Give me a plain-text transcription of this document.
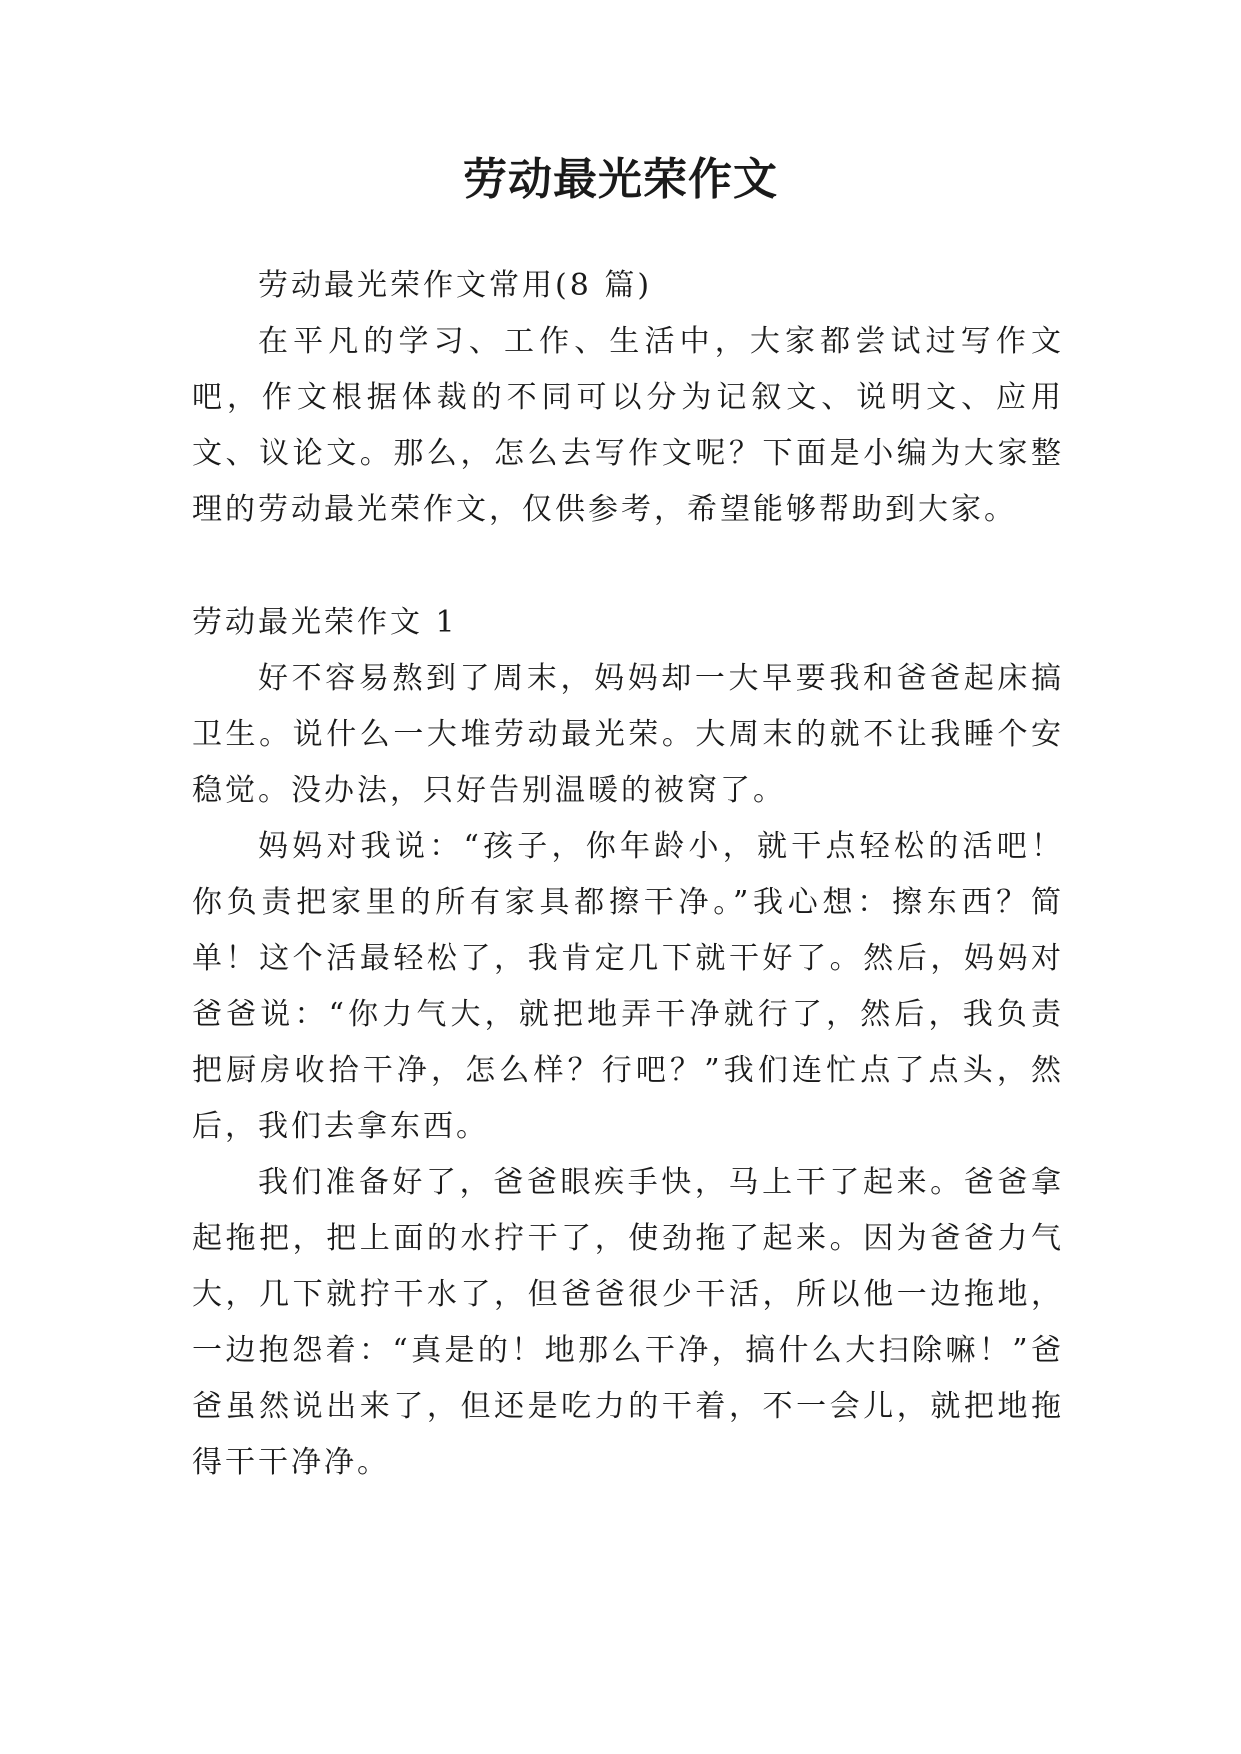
劳动最光荣作文

劳动最光荣作文常用(8 篇)

在平凡的学习、工作、生活中，大家都尝试过写作文吧，作文根据体裁的不同可以分为记叙文、说明文、应用文、议论文。那么，怎么去写作文呢？下面是小编为大家整理的劳动最光荣作文，仅供参考，希望能够帮助到大家。

劳动最光荣作文 1

好不容易熬到了周末，妈妈却一大早要我和爸爸起床搞卫生。说什么一大堆劳动最光荣。大周末的就不让我睡个安稳觉。没办法，只好告别温暖的被窝了。

妈妈对我说：“孩子，你年龄小，就干点轻松的活吧！你负责把家里的所有家具都擦干净。”我心想：擦东西？简单！这个活最轻松了，我肯定几下就干好了。然后，妈妈对爸爸说：“你力气大，就把地弄干净就行了，然后，我负责把厨房收拾干净，怎么样？行吧？”我们连忙点了点头，然后，我们去拿东西。

我们准备好了，爸爸眼疾手快，马上干了起来。爸爸拿起拖把，把上面的水拧干了，使劲拖了起来。因为爸爸力气大，几下就拧干水了，但爸爸很少干活，所以他一边拖地，一边抱怨着：“真是的！地那么干净，搞什么大扫除嘛！”爸爸虽然说出来了，但还是吃力的干着，不一会儿，就把地拖得干干净净。
